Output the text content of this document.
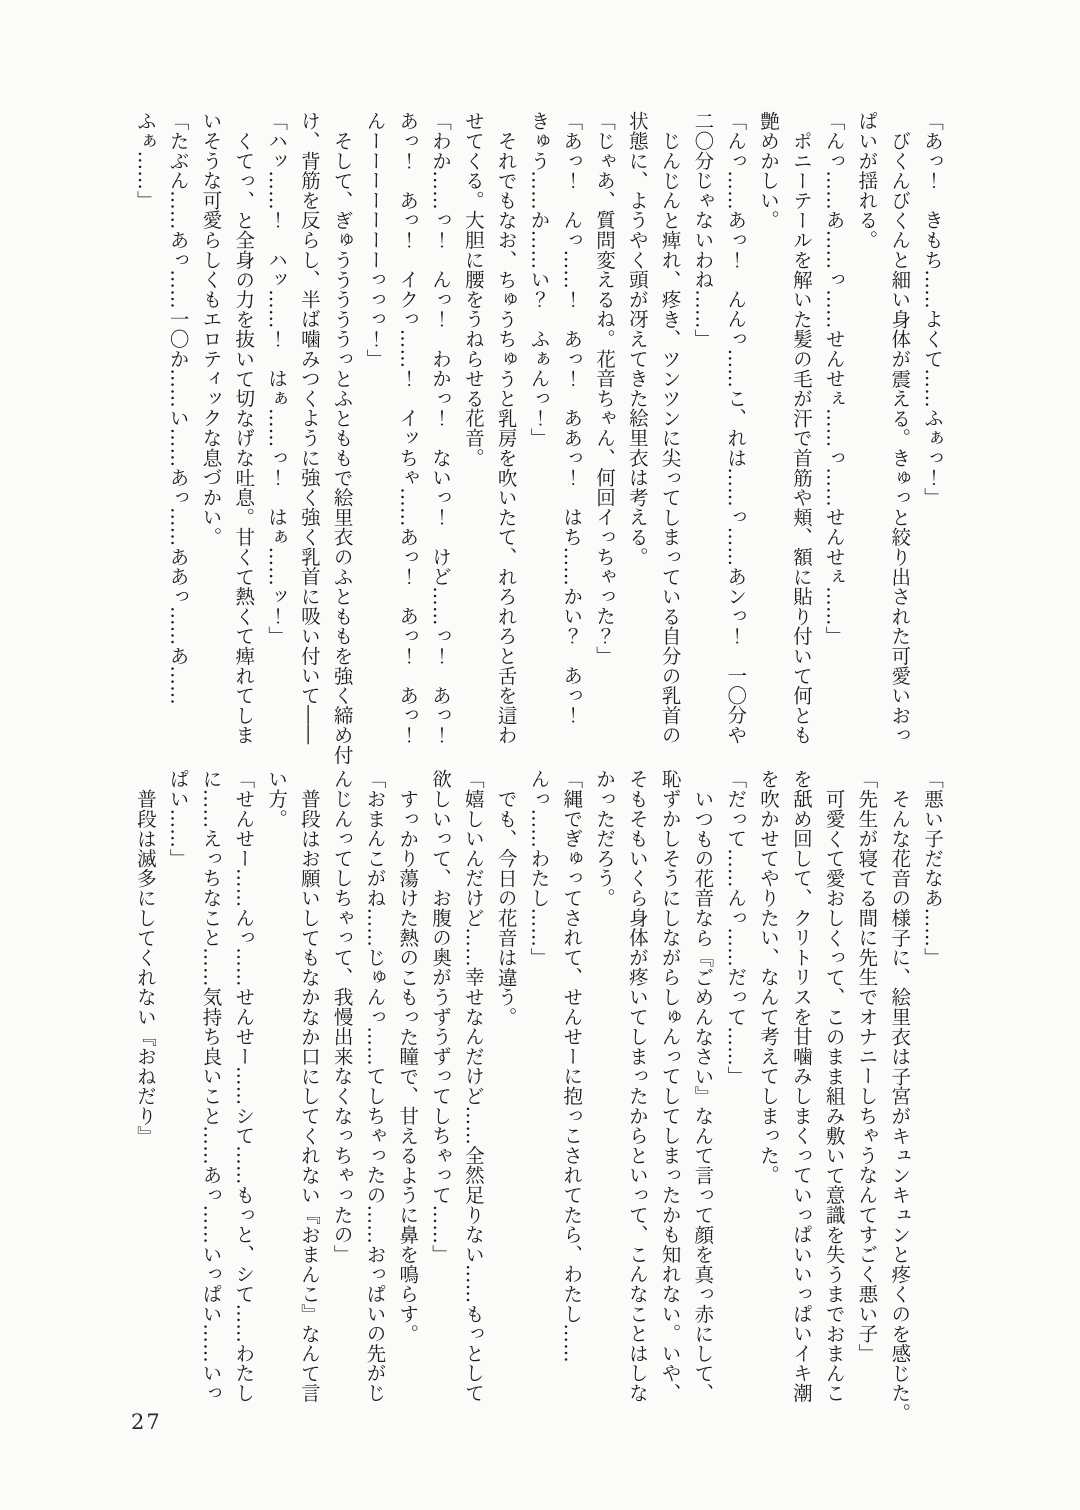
「あっ！　きもち……よくて……ふぁっ！」
びくんびくんと細い身体が震える。きゅっと絞り出された可愛いおっ
ぱいが揺れる。
「んっ……あ……っ……せんせぇ……っ……せんせぇ……」
ポニーテールを解いた髪の毛が汗で首筋や頬、額に貼り付いて何とも
艶めかしい。
「んっ……あっ！　んんっ……こ、れは……っ……あンっ！　一〇分や
二〇分じゃないわね……」
じんじんと痺れ、疼き、ツンツンに尖ってしまっている自分の乳首の
状態に、ようやく頭が冴えてきた絵里衣は考える。
「じゃあ、質問変えるね。花音ちゃん、何回イっちゃった？」
「あっ！　んっ……！　あっ！　ああっ！　はち……かい？　あっ！
きゅう……か……い？　ふぁんっ！」
それでもなお、ちゅうちゅうと乳房を吹いたて、れろれろと舌を這わ
せてくる。大胆に腰をうねらせる花音。
「わか……っ！　んっ！　わかっ！　ないっ！　けど……っ！　あっ！
あっ！　あっ！　イクっ……！　イッちゃ……あっ！　あっ！　あっ！
んーーーーーーーっっっ！」
そして、ぎゅうううううっとふとももで絵里衣のふとももを強く締め付
け、背筋を反らし、半ば噛みつくように強く強く乳首に吸い付いて――
「ハッ……！　ハッ……！　はぁ……っ！　はぁ……ッ！」
くてっ、と全身の力を抜いて切なげな吐息。甘くて熱くて痺れてしま
いそうな可愛らしくもエロティックな息づかい。
「たぶん……あっ……一〇か……い……あっ……ああっ……あ……
ふぁ……」
「悪い子だなあ……」
そんな花音の様子に、絵里衣は子宮がキュンキュンと疼くのを感じた。
「先生が寝てる間に先生でオナニーしちゃうなんてすごく悪い子」
可愛くて愛おしくって、このまま組み敷いて意識を失うまでおまんこ
を舐め回して、クリトリスを甘噛みしまくっていっぱいいっぱいイキ潮
を吹かせてやりたい、なんて考えてしまった。
「だって……んっ……だって……」
いつもの花音なら『ごめんなさい』なんて言って顔を真っ赤にして、
恥ずかしそうにしながらしゅんってしてしまったかも知れない。いや、
そもそもいくら身体が疼いてしまったからといって、こんなことはしな
かっただろう。
「縄でぎゅってされて、せんせーに抱っこされてたら、わたし……
んっ……わたし……」
でも、今日の花音は違う。
「嬉しいんだけど……幸せなんだけど……全然足りない……もっとして
欲しいって、お腹の奥がうずうずってしちゃって……」
すっかり蕩けた熱のこもった瞳で、甘えるように鼻を鳴らす。
「おまんこがね……じゅんっ……てしちゃったの……おっぱいの先がじ
んじんってしちゃって、我慢出来なくなっちゃったの」
普段はお願いしてもなかなか口にしてくれない『おまんこ』なんて言
い方。
「せんせー……んっ……せんせー……シて……もっと、シて……わたし
に……えっちなこと……気持ち良いこと……あっ……いっぱい……いっ
ぱい……」
普段は滅多にしてくれない『おねだり』
27
